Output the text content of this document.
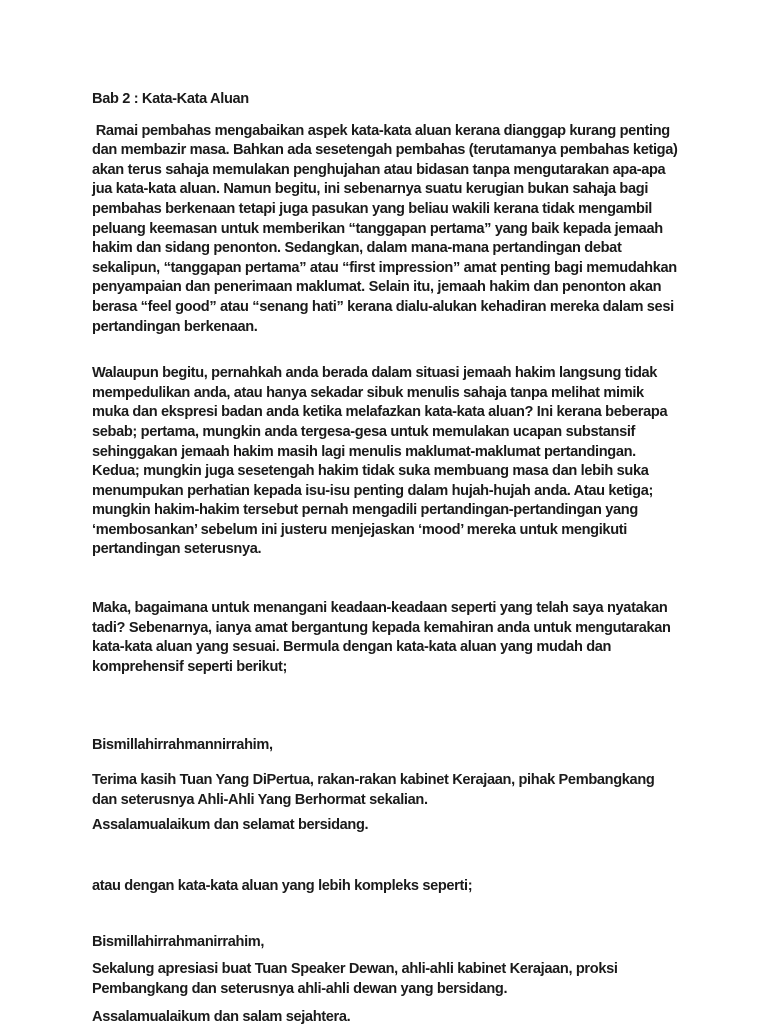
Bab 2 : Kata-Kata Aluan

Ramai pembahas mengabaikan aspek kata-kata aluan kerana dianggap kurang penting dan membazir masa. Bahkan ada sesetengah pembahas (terutamanya pembahas ketiga) akan terus sahaja memulakan penghujahan atau bidasan tanpa mengutarakan apa-apa jua kata-kata aluan. Namun begitu, ini sebenarnya suatu kerugian bukan sahaja bagi pembahas berkenaan tetapi juga pasukan yang beliau wakili kerana tidak mengambil peluang keemasan untuk memberikan “tanggapan pertama” yang baik kepada jemaah hakim dan sidang penonton. Sedangkan, dalam mana-mana pertandingan debat sekalipun, “tanggapan pertama” atau “first impression” amat penting bagi memudahkan penyampaian dan penerimaan maklumat. Selain itu, jemaah hakim dan penonton akan berasa “feel good” atau “senang hati” kerana dialu-alukan kehadiran mereka dalam sesi pertandingan berkenaan.

Walaupun begitu, pernahkah anda berada dalam situasi jemaah hakim langsung tidak mempedulikan anda, atau hanya sekadar sibuk menulis sahaja tanpa melihat mimik muka dan ekspresi badan anda ketika melafazkan kata-kata aluan? Ini kerana beberapa sebab; pertama, mungkin anda tergesa-gesa untuk memulakan ucapan substansif sehinggakan jemaah hakim masih lagi menulis maklumat-maklumat pertandingan. Kedua; mungkin juga sesetengah hakim tidak suka membuang masa dan lebih suka menumpukan perhatian kepada isu-isu penting dalam hujah-hujah anda. Atau ketiga; mungkin hakim-hakim tersebut pernah mengadili pertandingan-pertandingan yang ‘membosankan’ sebelum ini justeru menjejaskan ‘mood’ mereka untuk mengikuti pertandingan seterusnya.

Maka, bagaimana untuk menangani keadaan-keadaan seperti yang telah saya nyatakan tadi? Sebenarnya, ianya amat bergantung kepada kemahiran anda untuk mengutarakan kata-kata aluan yang sesuai. Bermula dengan kata-kata aluan yang mudah dan komprehensif seperti berikut;

Bismillahirrahmannirrahim,

Terima kasih Tuan Yang DiPertua, rakan-rakan kabinet Kerajaan, pihak Pembangkang dan seterusnya Ahli-Ahli Yang Berhormat sekalian.

Assalamualaikum dan selamat bersidang.

atau dengan kata-kata aluan yang lebih kompleks seperti;

Bismillahirrahmanirrahim,

Sekalung apresiasi buat Tuan Speaker Dewan, ahli-ahli kabinet Kerajaan, proksi Pembangkang dan seterusnya ahli-ahli dewan yang bersidang.

Assalamualaikum dan salam sejahtera.
